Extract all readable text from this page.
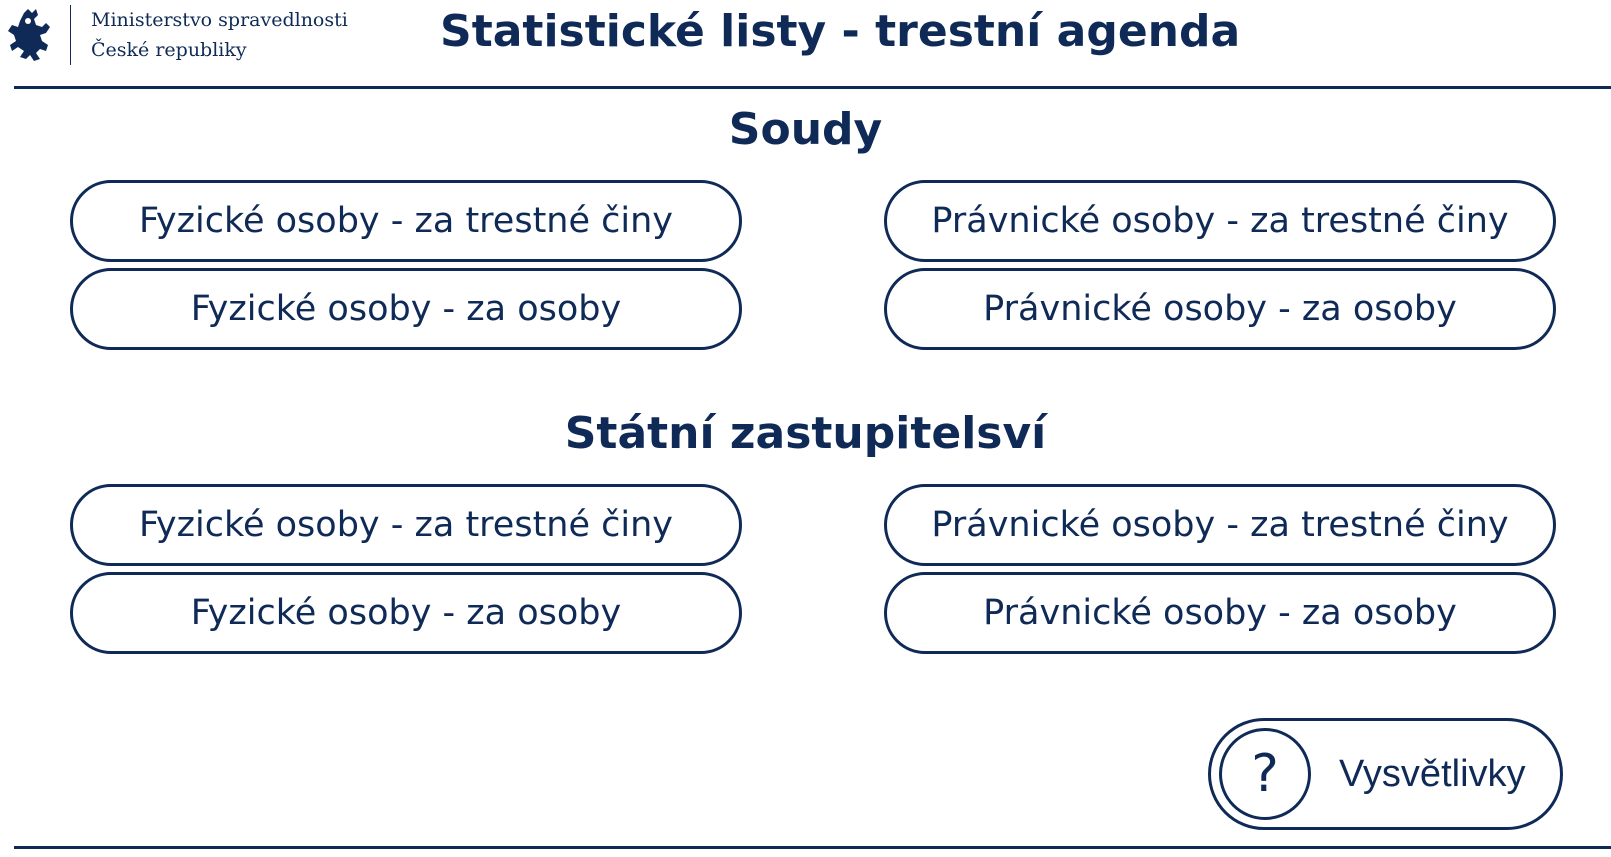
Ministerstvo spravedlnosti
České republiky	Statistické listy - trestní agenda
Soudy
Fyzické osoby - za trestné činy	Právnické osoby - za trestné činy
Fyzické osoby - za osoby	Právnické osoby - za osoby
Státní zastupitelsví
Fyzické osoby - za trestné činy	Právnické osoby - za trestné činy
Fyzické osoby - za osoby	Právnické osoby - za osoby
?	Vysvětlivky
